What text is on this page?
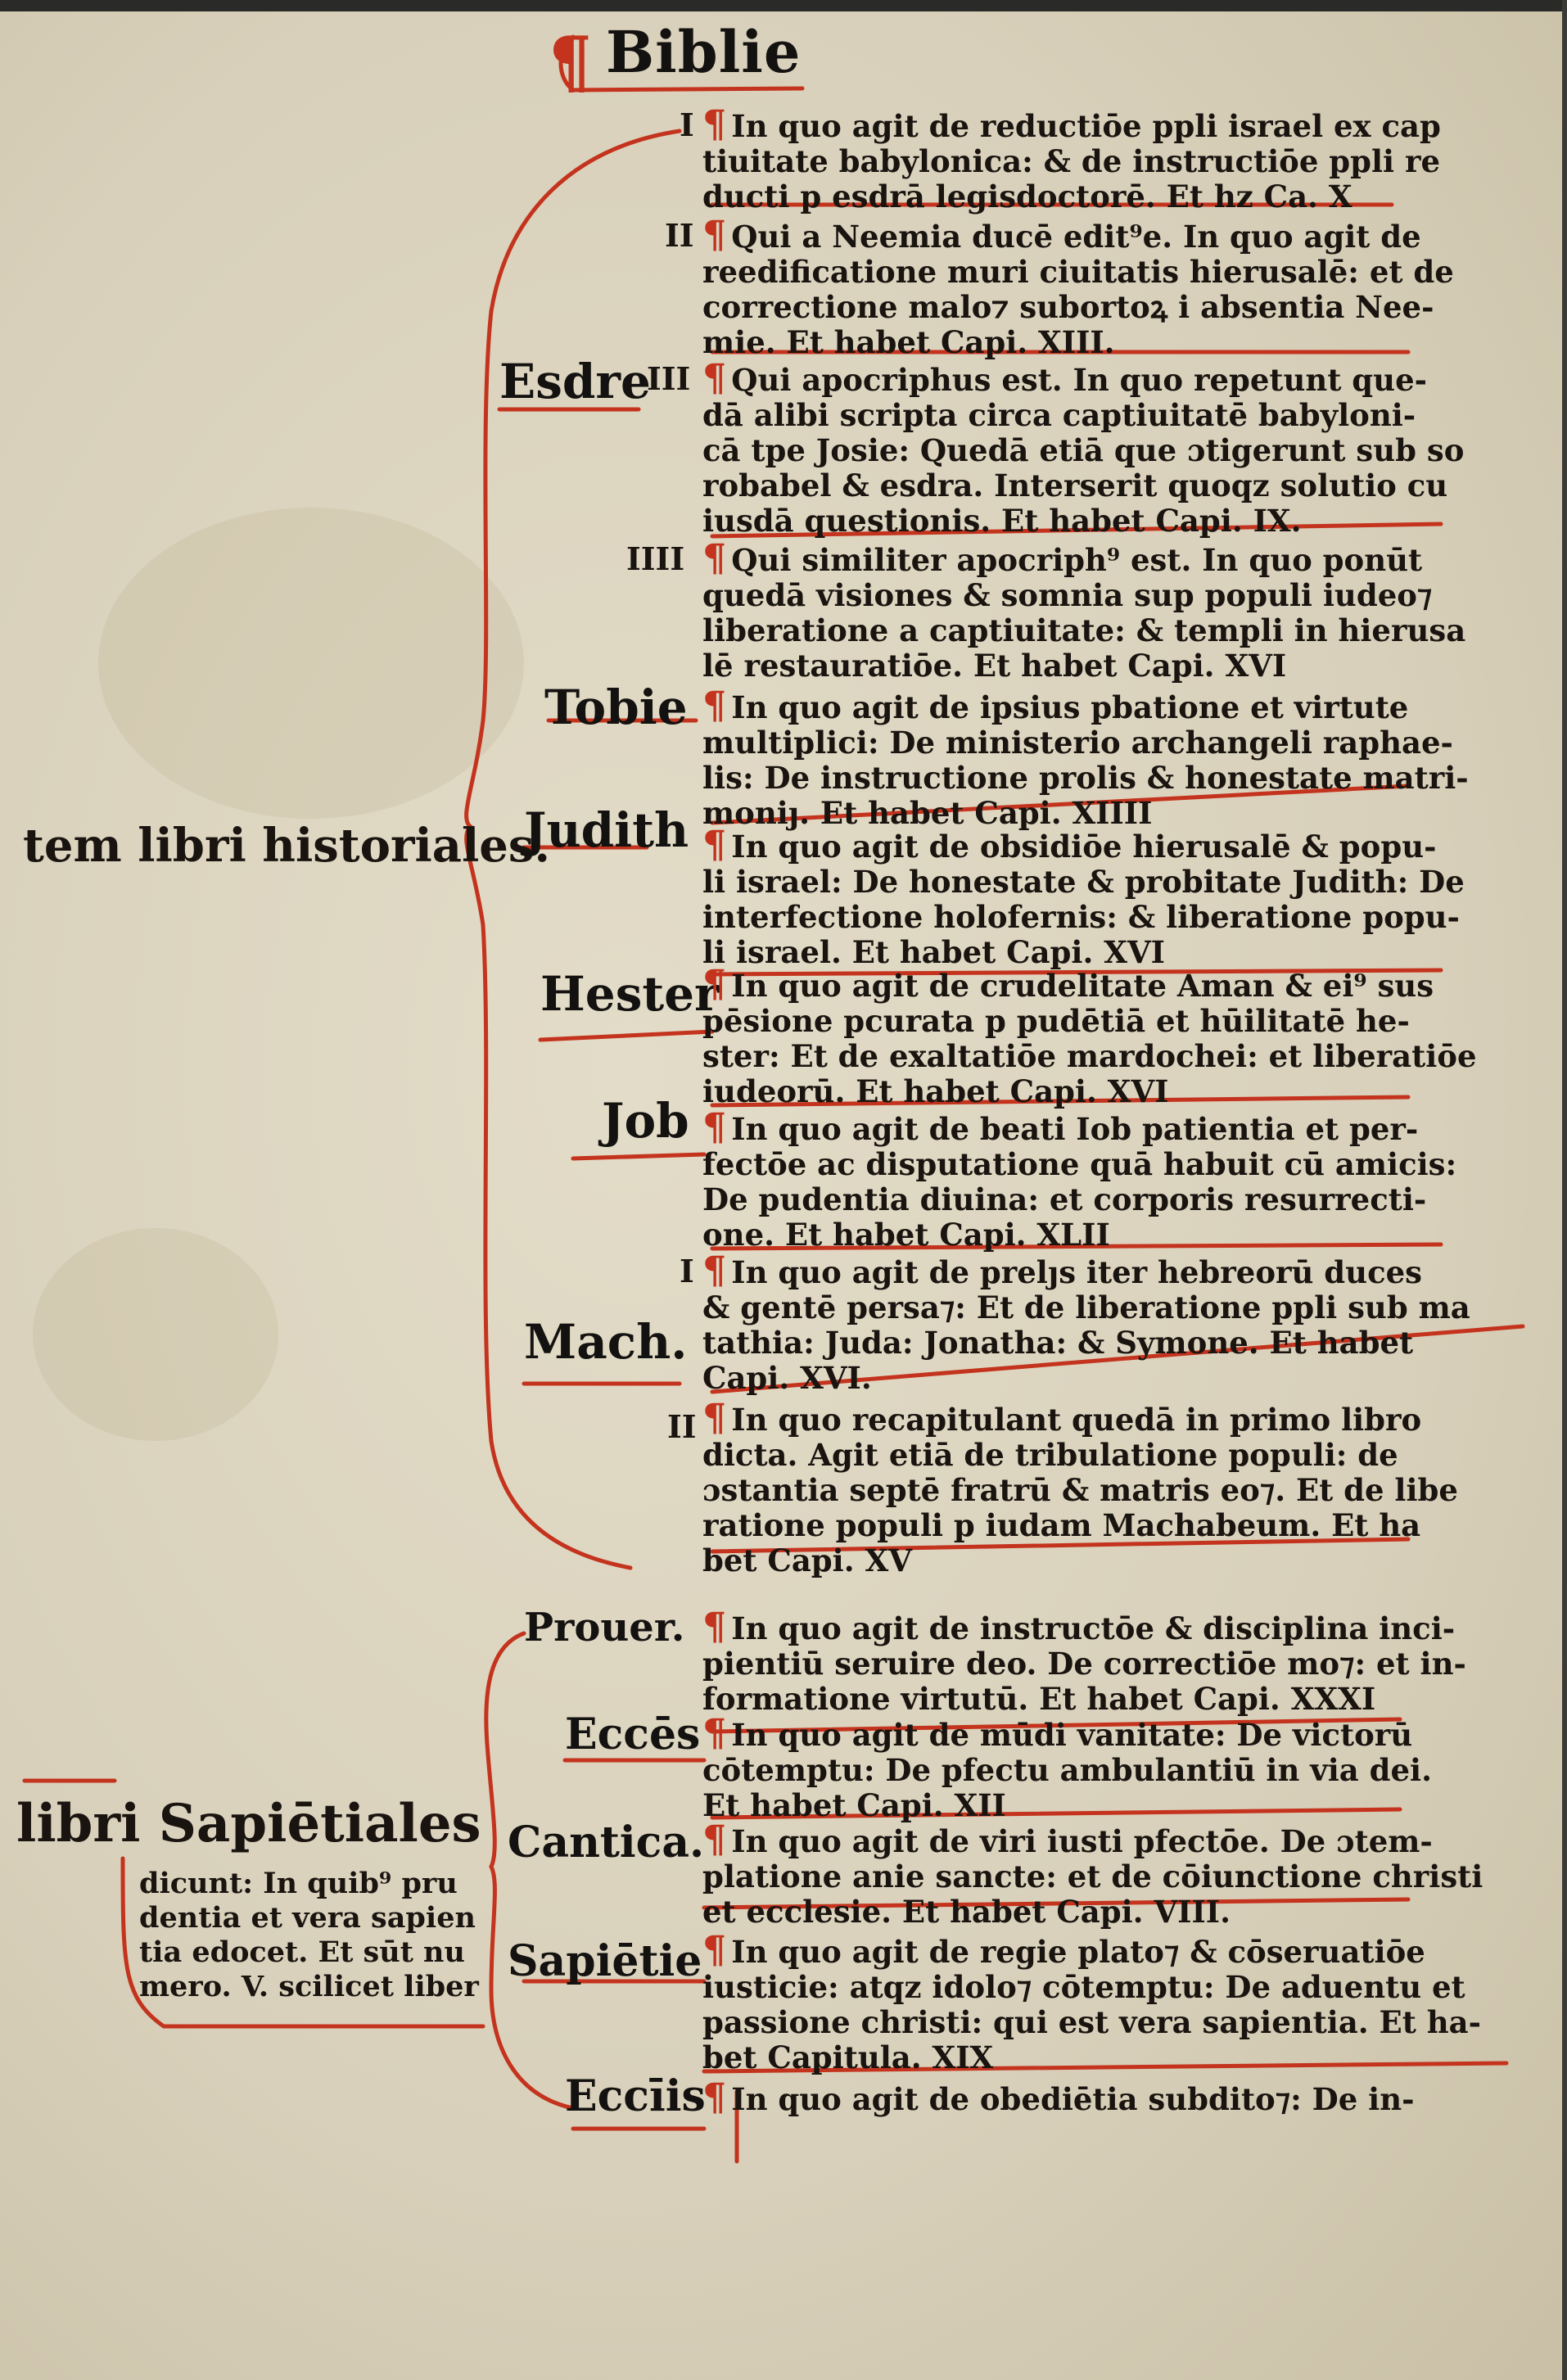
¶ Biblie
tem libri historiales.
libri Sapiētiales
dicunt: In quib⁹ pru
dentia et vera sapien
tia edocet. Et sūt nu
mero. V. scilicet liber
Esdre
Tobie
Judith
Hester
Job
Mach.
Prouer.
Eccēs
Cantica.
Sapiētie
Eccīis
I
II
III
IIII
I
II
¶ In quo agit de reductiōe ppli israel ex cap
tiuitate babylonica: & de instructiōe ppli re
ducti p esdrā legisdoctorē. Et hz Ca. X
¶ Qui a Neemia ducē edit⁹e. In quo agit de
reedificatione muri ciuitatis hierusalē: et de
correctione malo⁊ subortoꝝ i absentia Nee-
mie. Et habet Capi. XIII.
¶ Qui apocriphus est. In quo repetunt que-
dā alibi scripta circa captiuitatē babyloni-
cā tpe Josie: Quedā etiā que ɔtigerunt sub so
robabel & esdra. Interserit quoqz solutio cu
iusdā questionis. Et habet Capi. IX.
¶ Qui similiter apocriph⁹ est. In quo ponūt
quedā visiones & somnia sup populi iudeo⁊
liberatione a captiuitate: & templi in hierusa
lē restauratiōe. Et habet Capi. XVI
¶ In quo agit de ipsius pbatione et virtute
multiplici: De ministerio archangeli raphae-
lis: De instructione prolis & honestate matri-
moniȷ. Et habet Capi. XIIII
¶ In quo agit de obsidiōe hierusalē & popu-
li israel: De honestate & probitate Judith: De
interfectione holofernis: & liberatione popu-
li israel. Et habet Capi. XVI
¶ In quo agit de crudelitate Aman & ei⁹ sus
pēsione pcurata p pudētiā et hūilitatē he-
ster: Et de exaltatiōe mardochei: et liberatiōe
iudeorū. Et habet Capi. XVI
¶ In quo agit de beati Iob patientia et per-
fectōe ac disputatione quā habuit cū amicis:
De pudentia diuina: et corporis resurrecti-
one. Et habet Capi. XLII
¶ In quo agit de prelȷs iter hebreorū duces
& gentē persa⁊: Et de liberatione ppli sub ma
tathia: Juda: Jonatha: & Symone. Et habet
Capi. XVI.
¶ In quo recapitulant quedā in primo libro
dicta. Agit etiā de tribulatione populi: de
ɔstantia septē fratrū & matris eo⁊. Et de libe
ratione populi p iudam Machabeum. Et ha
bet Capi. XV
¶ In quo agit de instructōe & disciplina inci-
pientiū seruire deo. De correctiōe mo⁊: et in-
formatione virtutū. Et habet Capi. XXXI
¶ In quo agit de mūdi vanitate: De victorū
cōtemptu: De pfectu ambulantiū in via dei.
Et habet Capi. XII
¶ In quo agit de viri iusti pfectōe. De ɔtem-
platione anie sancte: et de cōiunctione christi
et ecclesie. Et habet Capi. VIII.
¶ In quo agit de regie plato⁊ & cōseruatiōe
iusticie: atqz idolo⁊ cōtemptu: De aduentu et
passione christi: qui est vera sapientia. Et ha-
bet Capitula. XIX
¶ In quo agit de obediētia subdito⁊: De in-
